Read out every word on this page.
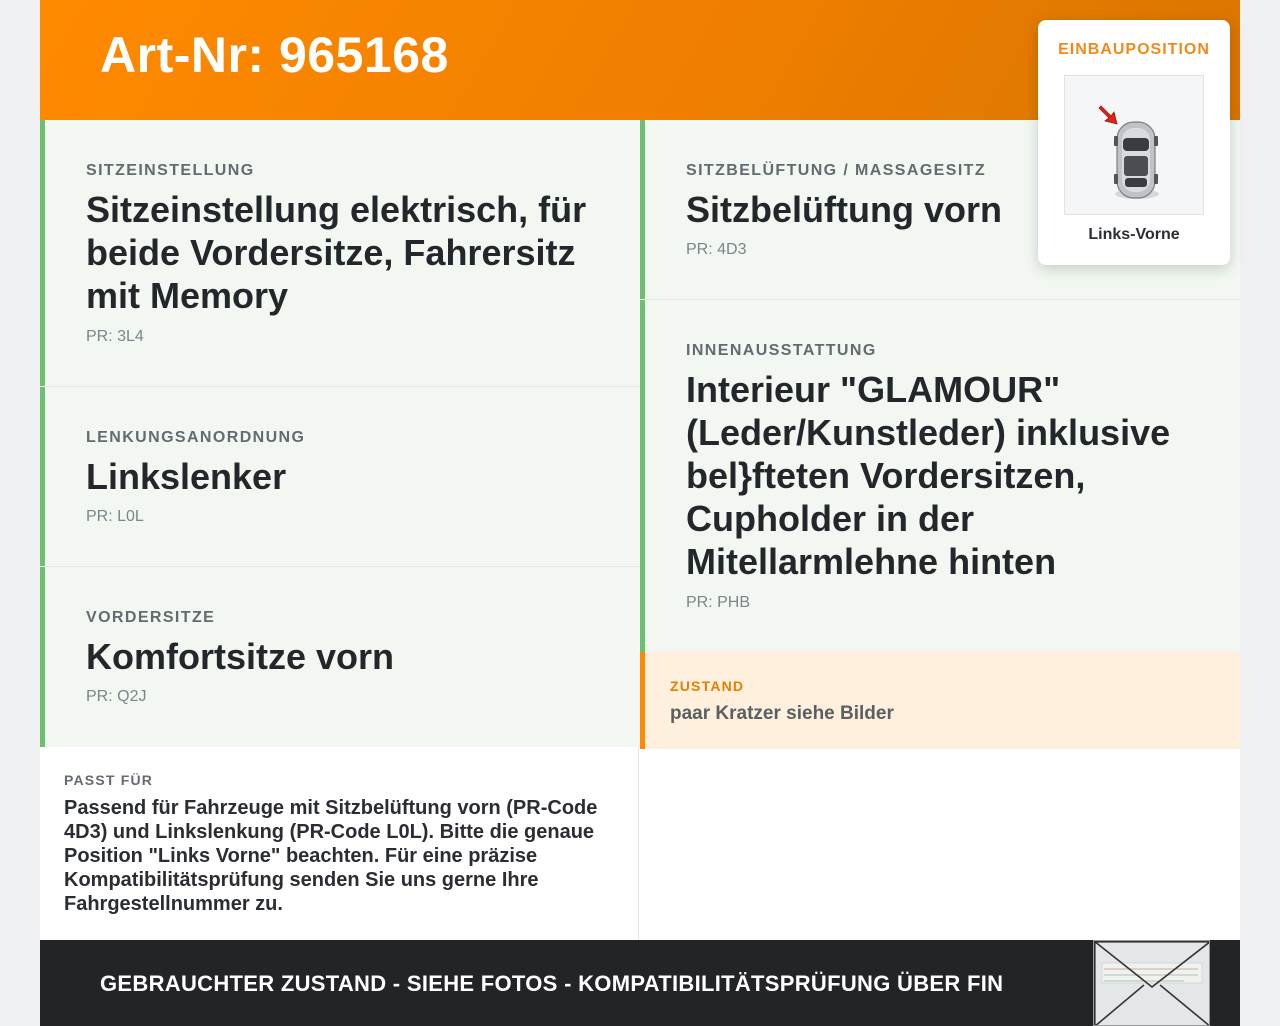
Art-Nr: 965168
SITZEINSTELLUNG
Sitzeinstellung elektrisch, für beide Vordersitze, Fahrersitz mit Memory
PR: 3L4
LENKUNGSANORDNUNG
Linkslenker
PR: L0L
VORDERSITZE
Komfortsitze vorn
PR: Q2J
SITZBELÜFTUNG / MASSAGESITZ
Sitzbelüftung vorn
PR: 4D3
INNENAUSSTATTUNG
Interieur "GLAMOUR" (Leder/Kunstleder) inklusive bel}fteten Vordersitzen, Cupholder in der Mitellarmlehne hinten
PR: PHB
ZUSTAND
paar Kratzer siehe Bilder
PASST FÜR
Passend für Fahrzeuge mit Sitzbelüftung vorn (PR-Code 4D3) und Linkslenkung (PR-Code L0L). Bitte die genaue Position "Links Vorne" beachten. Für eine präzise Kompatibilitätsprüfung senden Sie uns gerne Ihre Fahrgestellnummer zu.
GEBRAUCHTER ZUSTAND - SIEHE FOTOS - KOMPATIBILITÄTSPRÜFUNG ÜBER FIN
EINBAUPOSITION
Links-Vorne
